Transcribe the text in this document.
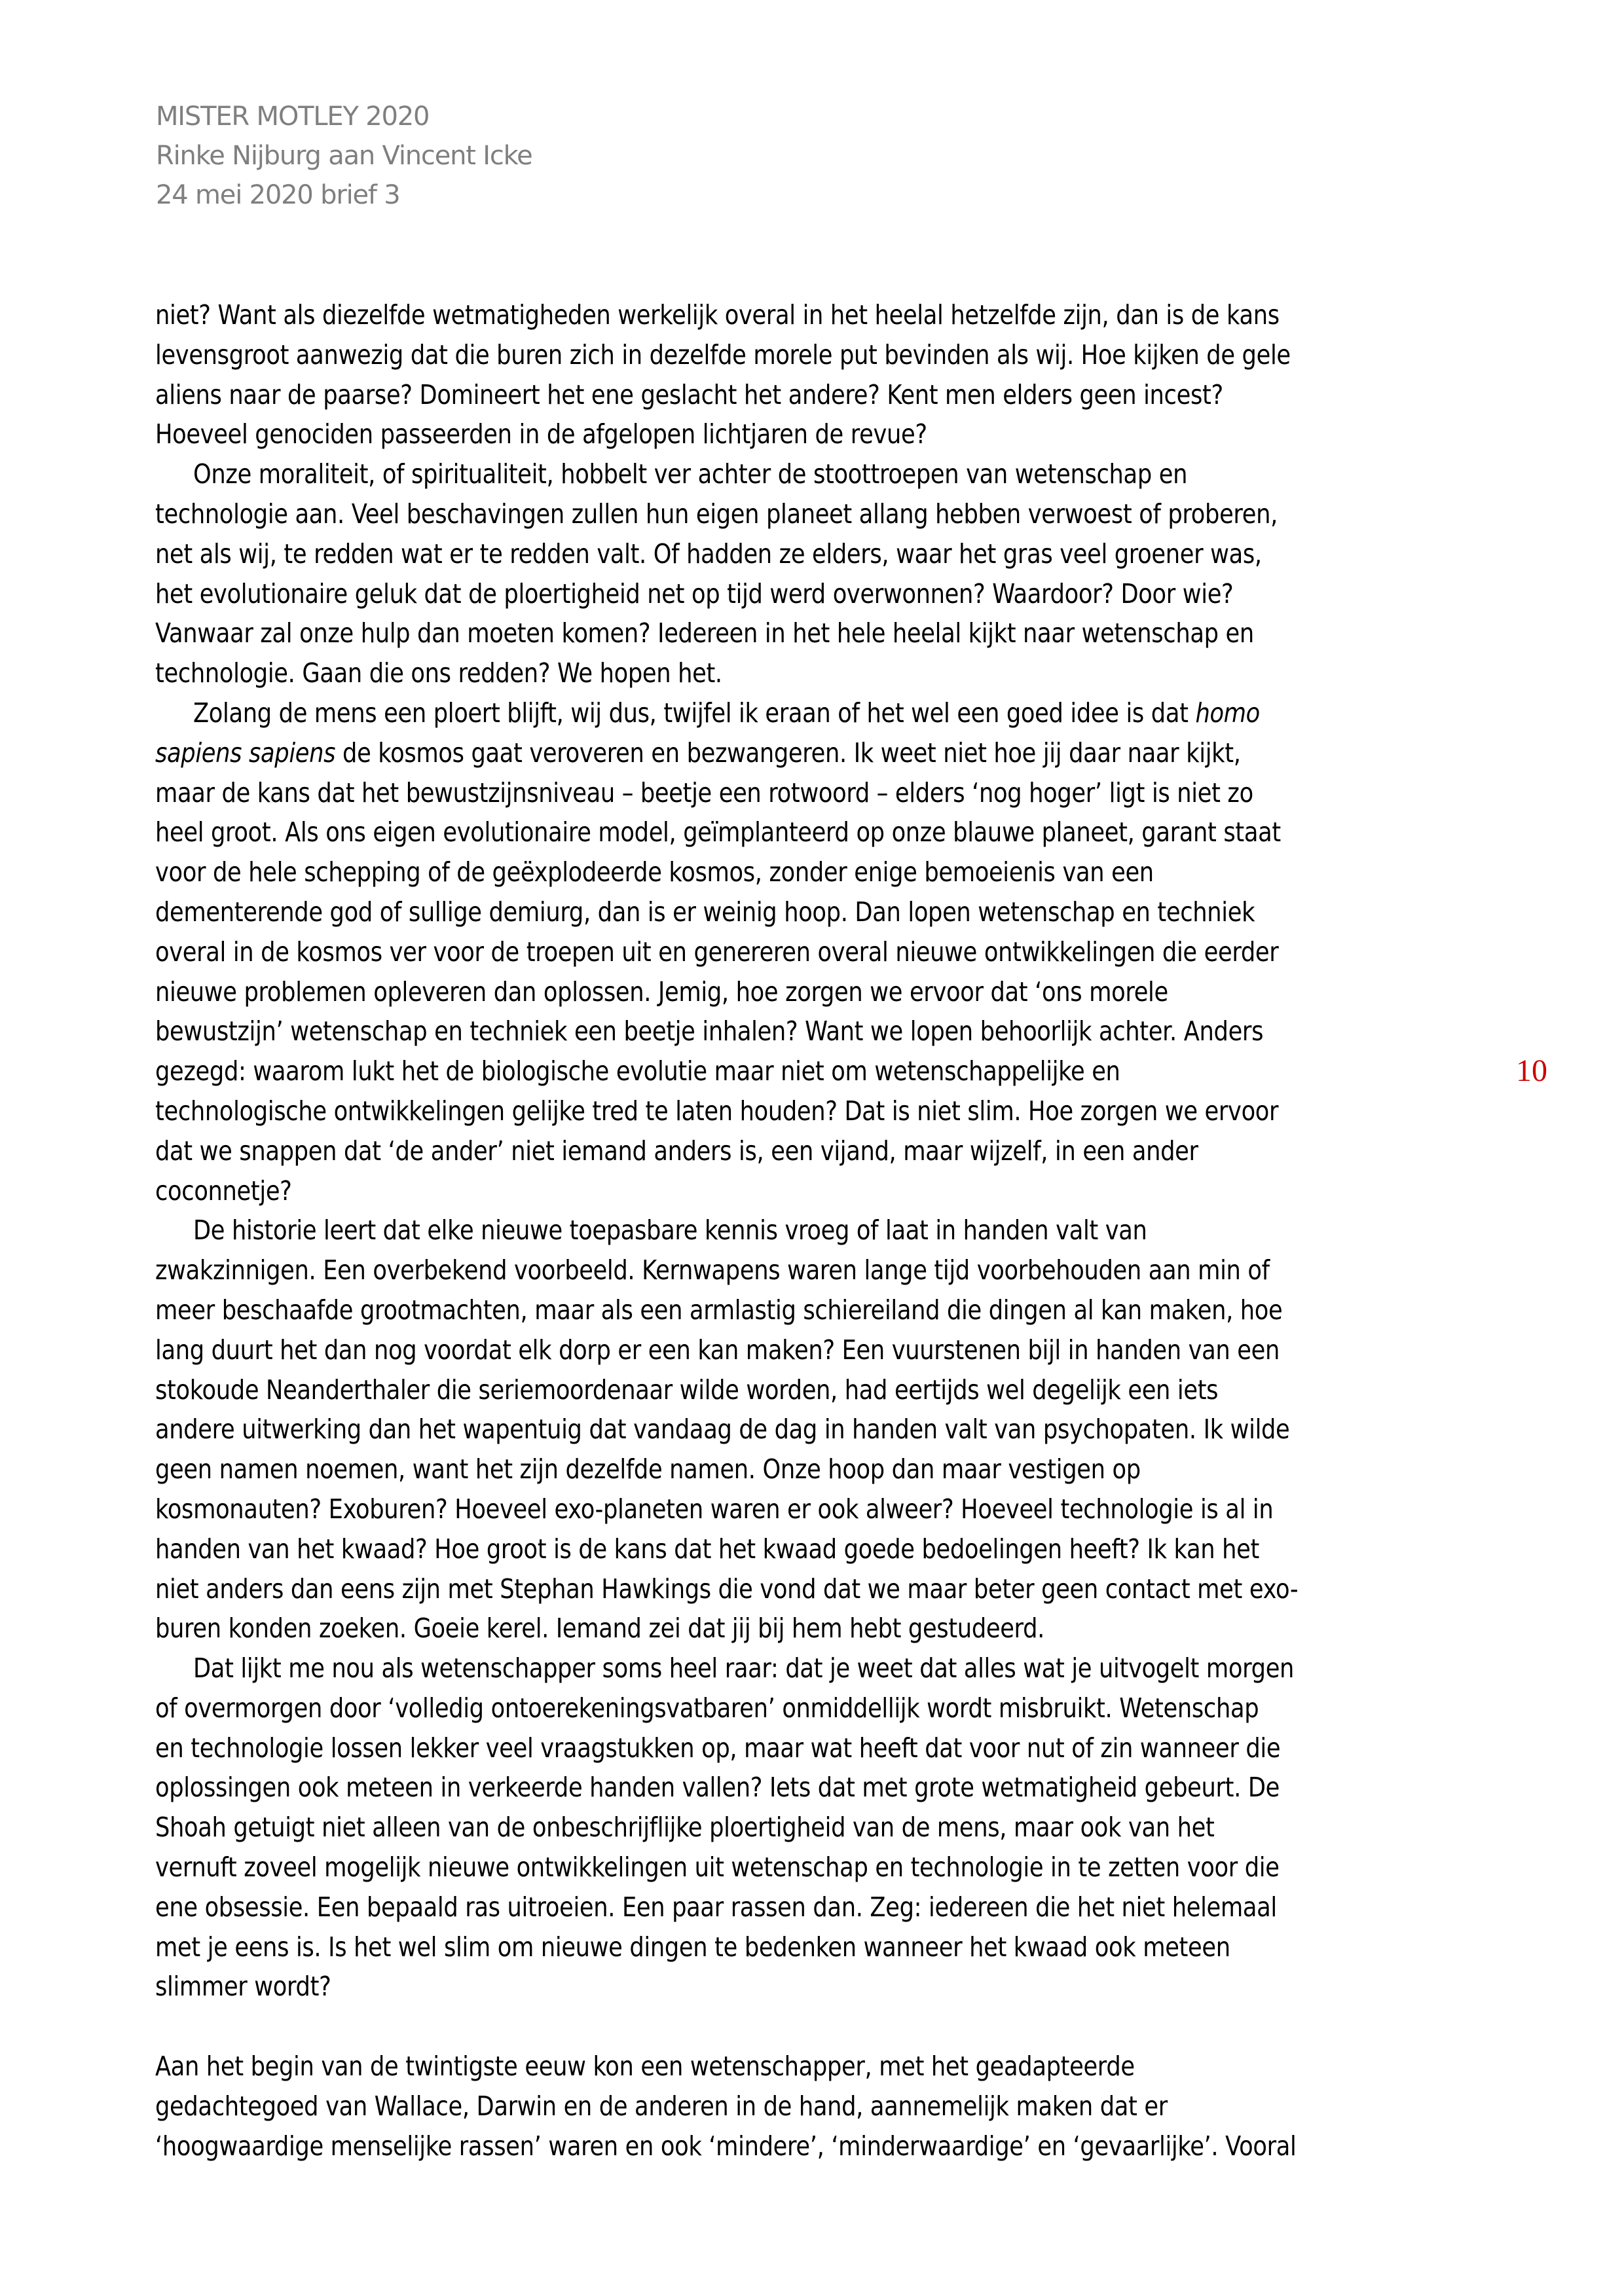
MISTER MOTLEY 2020
Rinke Nijburg aan Vincent Icke
24 mei 2020 brief 3
10
niet? Want als diezelfde wetmatigheden werkelijk overal in het heelal hetzelfde zijn, dan is de kans
levensgroot aanwezig dat die buren zich in dezelfde morele put bevinden als wij. Hoe kijken de gele
aliens naar de paarse? Domineert het ene geslacht het andere? Kent men elders geen incest?
Hoeveel genociden passeerden in de afgelopen lichtjaren de revue?
Onze moraliteit, of spiritualiteit, hobbelt ver achter de stoottroepen van wetenschap en
technologie aan. Veel beschavingen zullen hun eigen planeet allang hebben verwoest of proberen,
net als wij, te redden wat er te redden valt. Of hadden ze elders, waar het gras veel groener was,
het evolutionaire geluk dat de ploertigheid net op tijd werd overwonnen? Waardoor? Door wie?
Vanwaar zal onze hulp dan moeten komen? Iedereen in het hele heelal kijkt naar wetenschap en
technologie. Gaan die ons redden? We hopen het.
Zolang de mens een ploert blijft, wij dus, twijfel ik eraan of het wel een goed idee is dat homo
sapiens sapiens de kosmos gaat veroveren en bezwangeren. Ik weet niet hoe jij daar naar kijkt,
maar de kans dat het bewustzijnsniveau – beetje een rotwoord – elders ‘nog hoger’ ligt is niet zo
heel groot. Als ons eigen evolutionaire model, geïmplanteerd op onze blauwe planeet, garant staat
voor de hele schepping of de geëxplodeerde kosmos, zonder enige bemoeienis van een
dementerende god of sullige demiurg, dan is er weinig hoop. Dan lopen wetenschap en techniek
overal in de kosmos ver voor de troepen uit en genereren overal nieuwe ontwikkelingen die eerder
nieuwe problemen opleveren dan oplossen. Jemig, hoe zorgen we ervoor dat ‘ons morele
bewustzijn’ wetenschap en techniek een beetje inhalen? Want we lopen behoorlijk achter. Anders
gezegd: waarom lukt het de biologische evolutie maar niet om wetenschappelijke en
technologische ontwikkelingen gelijke tred te laten houden? Dat is niet slim. Hoe zorgen we ervoor
dat we snappen dat ‘de ander’ niet iemand anders is, een vijand, maar wijzelf, in een ander
coconnetje?
De historie leert dat elke nieuwe toepasbare kennis vroeg of laat in handen valt van
zwakzinnigen. Een overbekend voorbeeld. Kernwapens waren lange tijd voorbehouden aan min of
meer beschaafde grootmachten, maar als een armlastig schiereiland die dingen al kan maken, hoe
lang duurt het dan nog voordat elk dorp er een kan maken? Een vuurstenen bijl in handen van een
stokoude Neanderthaler die seriemoordenaar wilde worden, had eertijds wel degelijk een iets
andere uitwerking dan het wapentuig dat vandaag de dag in handen valt van psychopaten. Ik wilde
geen namen noemen, want het zijn dezelfde namen. Onze hoop dan maar vestigen op
kosmonauten? Exoburen? Hoeveel exo-planeten waren er ook alweer? Hoeveel technologie is al in
handen van het kwaad? Hoe groot is de kans dat het kwaad goede bedoelingen heeft? Ik kan het
niet anders dan eens zijn met Stephan Hawkings die vond dat we maar beter geen contact met exo-
buren konden zoeken. Goeie kerel. Iemand zei dat jij bij hem hebt gestudeerd.
Dat lijkt me nou als wetenschapper soms heel raar: dat je weet dat alles wat je uitvogelt morgen
of overmorgen door ‘volledig ontoerekeningsvatbaren’ onmiddellijk wordt misbruikt. Wetenschap
en technologie lossen lekker veel vraagstukken op, maar wat heeft dat voor nut of zin wanneer die
oplossingen ook meteen in verkeerde handen vallen? Iets dat met grote wetmatigheid gebeurt. De
Shoah getuigt niet alleen van de onbeschrijflijke ploertigheid van de mens, maar ook van het
vernuft zoveel mogelijk nieuwe ontwikkelingen uit wetenschap en technologie in te zetten voor die
ene obsessie. Een bepaald ras uitroeien. Een paar rassen dan. Zeg: iedereen die het niet helemaal
met je eens is. Is het wel slim om nieuwe dingen te bedenken wanneer het kwaad ook meteen
slimmer wordt?
Aan het begin van de twintigste eeuw kon een wetenschapper, met het geadapteerde
gedachtegoed van Wallace, Darwin en de anderen in de hand, aannemelijk maken dat er
‘hoogwaardige menselijke rassen’ waren en ook ‘mindere’, ‘minderwaardige’ en ‘gevaarlijke’. Vooral
